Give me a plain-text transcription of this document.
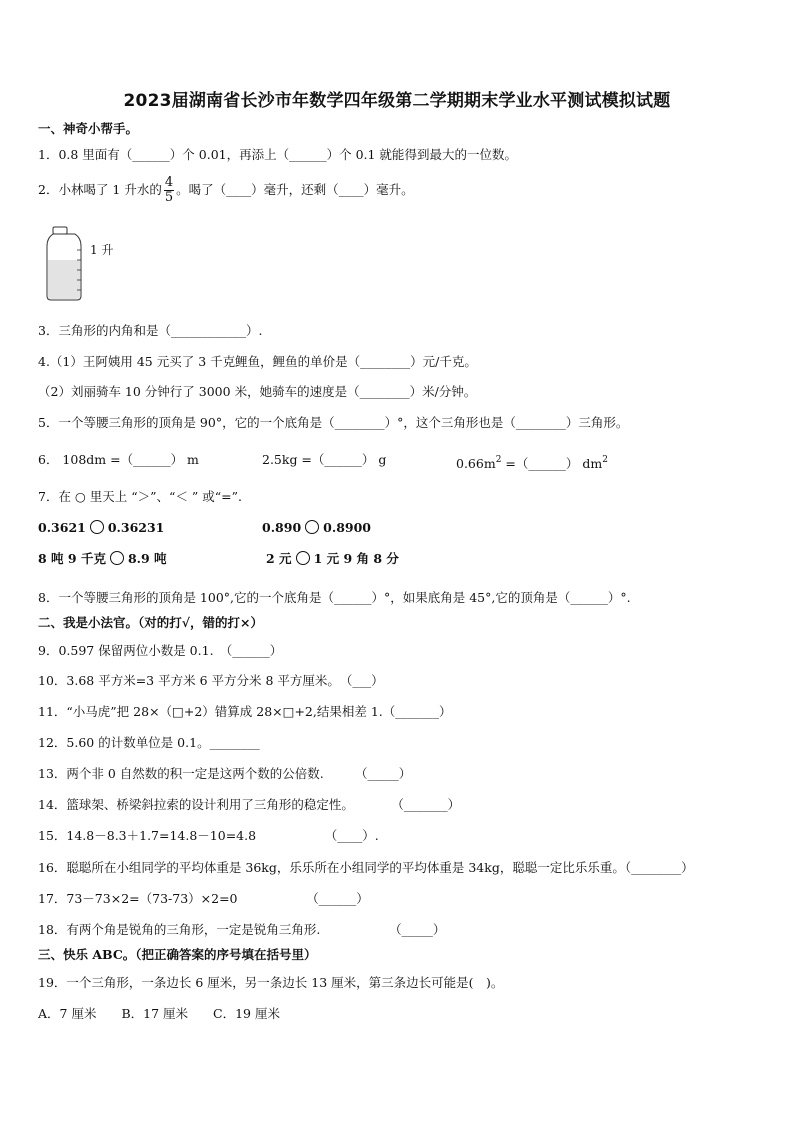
2023届湖南省长沙市年数学四年级第二学期期末学业水平测试模拟试题
一、神奇小帮手。
1．0.8 里面有（______）个 0.01，再添上（______）个 0.1 就能得到最大的一位数。
2．小林喝了 1 升水的 $\frac{4}{5}$ 。喝了（____）毫升，还剩（____）毫升。
1 升
3．三角形的内角和是（____________）.
4.（1）王阿姨用 45 元买了 3 千克鲤鱼，鲤鱼的单价是（________）元/千克。
（2）刘丽骑车 10 分钟行了 3000 米，她骑车的速度是（________）米/分钟。
5．一个等腰三角形的顶角是 90°，它的一个底角是（________）°，这个三角形也是（________）三角形。
6． 108dm =（______） m	2.5kg =（______） g	$0.66m^2$ =（______） $dm^2$
7．在 ○ 里天上 “＞”、“＜ ” 或“=”.
0.3621 0.36231	0.890 0.8900
8 吨 9 千克 8.9 吨	2 元 1 元 9 角 8 分
8．一个等腰三角形的顶角是 100°,它的一个底角是（______）°，如果底角是 45°,它的顶角是（______）°.
二、我是小法官。（对的打√，错的打×）
9．0.597 保留两位小数是 0.1.　（______）
10．3.68 平方米=3 平方米 6 平方分米 8 平方厘米。　（___）
11．“小马虎”把 28×（□+2）错算成 28×□+2,结果相差 1.（_______）
12．5.60 的计数单位是 0.1。________
13．两个非 0 自然数的积一定是这两个数的公倍数.　　　（_____）
14．篮球架、桥梁斜拉索的设计利用了三角形的稳定性。　　　　（_______）
15．14.8－8.3＋1.7=14.8－10=4.8　　　　　　（____）.
16．聪聪所在小组同学的平均体重是 36kg，乐乐所在小组同学的平均体重是 34kg，聪聪一定比乐乐重。（________）
17．73－73×2=（73-73）×2=0　　　　　　（______）
18．有两个角是锐角的三角形，一定是锐角三角形.　　　　　　（_____）
三、快乐 ABC。（把正确答案的序号填在括号里）
19．一个三角形，一条边长 6 厘米，另一条边长 13 厘米，第三条边长可能是(　)。
A．7 厘米　　B．17 厘米　　C．19 厘米
